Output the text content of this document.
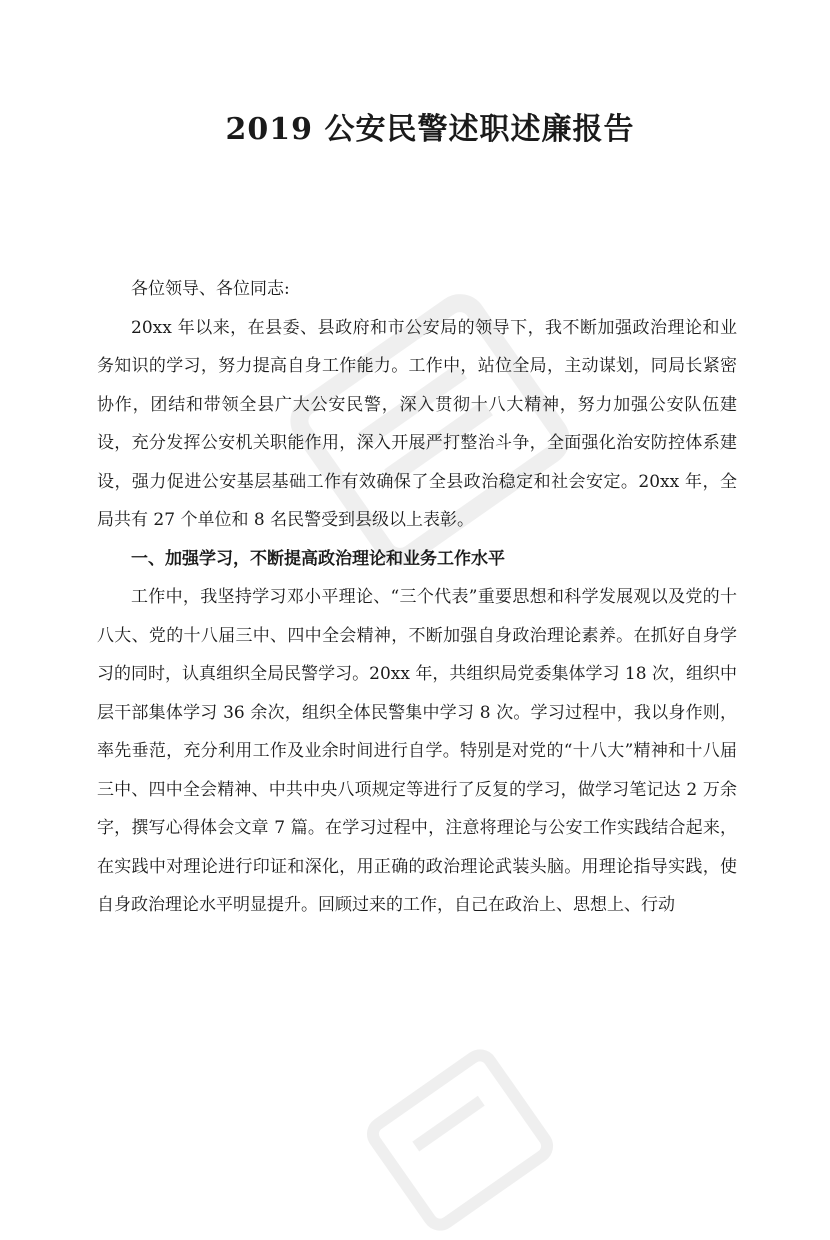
2019 公安民警述职述廉报告

各位领导、各位同志:

20xx 年以来，在县委、县政府和市公安局的领导下，我不断加强政治理论和业务知识的学习，努力提高自身工作能力。工作中，站位全局，主动谋划，同局长紧密协作，团结和带领全县广大公安民警，深入贯彻十八大精神，努力加强公安队伍建设，充分发挥公安机关职能作用，深入开展严打整治斗争，全面强化治安防控体系建设，强力促进公安基层基础工作有效确保了全县政治稳定和社会安定。20xx 年，全局共有 27 个单位和 8 名民警受到县级以上表彰。

一、加强学习，不断提高政治理论和业务工作水平

工作中，我坚持学习邓小平理论、“三个代表”重要思想和科学发展观以及党的十八大、党的十八届三中、四中全会精神，不断加强自身政治理论素养。在抓好自身学习的同时，认真组织全局民警学习。20xx 年，共组织局党委集体学习 18 次，组织中层干部集体学习 36 余次，组织全体民警集中学习 8 次。学习过程中，我以身作则，率先垂范，充分利用工作及业余时间进行自学。特别是对党的“十八大”精神和十八届三中、四中全会精神、中共中央八项规定等进行了反复的学习，做学习笔记达 2 万余字，撰写心得体会文章 7 篇。在学习过程中，注意将理论与公安工作实践结合起来，在实践中对理论进行印证和深化，用正确的政治理论武装头脑。用理论指导实践，使自身政治理论水平明显提升。回顾过来的工作，自己在政治上、思想上、行动
